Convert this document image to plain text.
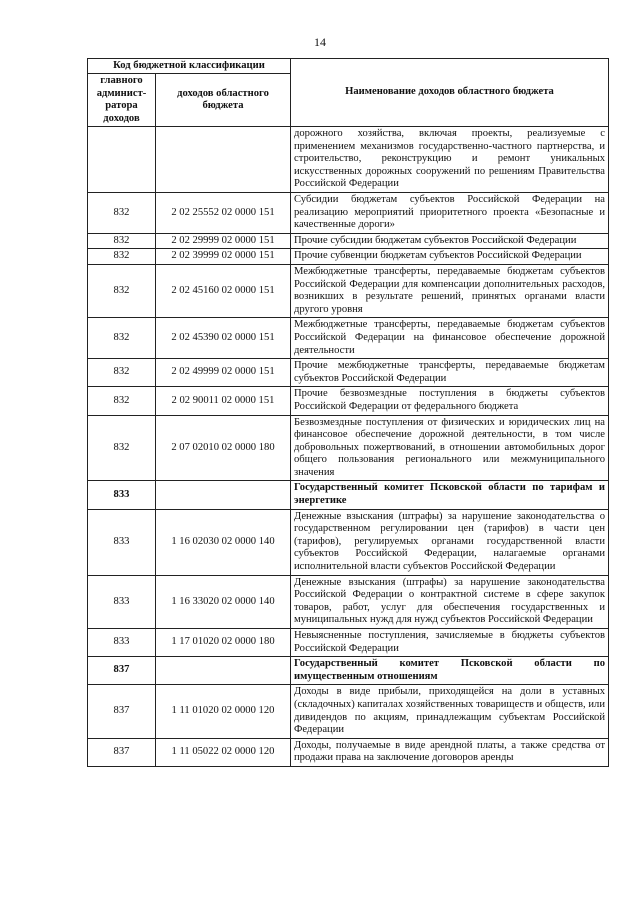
14
Код бюджетной классификации		Наименование доходов областного бюджета
главного админист-ратора доходов	доходов областного бюджета	
		дорожного хозяйства, включая проекты, реализуемые с применением механизмов государственно-частного партнерства, и строительство, реконструкцию и ремонт уникальных искусственных дорожных сооружений по решениям Правительства Российской Федерации
832	2 02 25552 02 0000 151	Субсидии бюджетам субъектов Российской Федерации на реализацию мероприятий приоритетного проекта «Безопасные и качественные дороги»
832	2 02 29999 02 0000 151	Прочие субсидии бюджетам субъектов Российской Федерации
832	2 02 39999 02 0000 151	Прочие субвенции бюджетам субъектов Российской Федерации
832	2 02 45160 02 0000 151	Межбюджетные трансферты, передаваемые бюджетам субъектов Российской Федерации для компенсации дополнительных расходов, возникших в результате решений, принятых органами власти другого уровня
832	2 02 45390 02 0000 151	Межбюджетные трансферты, передаваемые бюджетам субъектов Российской Федерации на финансовое обеспечение дорожной деятельности
832	2 02 49999 02 0000 151	Прочие межбюджетные трансферты, передаваемые бюджетам субъектов Российской Федерации
832	2 02 90011 02 0000 151	Прочие безвозмездные поступления в бюджеты субъектов Российской Федерации от федерального бюджета
832	2 07 02010 02 0000 180	Безвозмездные поступления от физических и юридических лиц на финансовое обеспечение дорожной деятельности, в том числе добровольных пожертвований, в отношении автомобильных дорог общего пользования регионального или межмуниципального значения
833		Государственный комитет Псковской области по тарифам и энергетике
833	1 16 02030 02 0000 140	Денежные взыскания (штрафы) за нарушение законодательства о государственном регулировании цен (тарифов) в части цен (тарифов), регулируемых органами государственной власти субъектов Российской Федерации, налагаемые органами исполнительной власти субъектов Российской Федерации
833	1 16 33020 02 0000 140	Денежные взыскания (штрафы) за нарушение законодательства Российской Федерации о контрактной системе в сфере закупок товаров, работ, услуг для обеспечения государственных и муниципальных нужд для нужд субъектов Российской Федерации
833	1 17 01020 02 0000 180	Невыясненные поступления, зачисляемые в бюджеты субъектов Российской Федерации
837		Государственный комитет Псковской области по имущественным отношениям
837	1 11 01020 02 0000 120	Доходы в виде прибыли, приходящейся на доли в уставных (складочных) капиталах хозяйственных товариществ и обществ, или дивидендов по акциям, принадлежащим субъектам Российской Федерации
837	1 11 05022 02 0000 120	Доходы, получаемые в виде арендной платы, а также средства от продажи права на заключение договоров аренды
